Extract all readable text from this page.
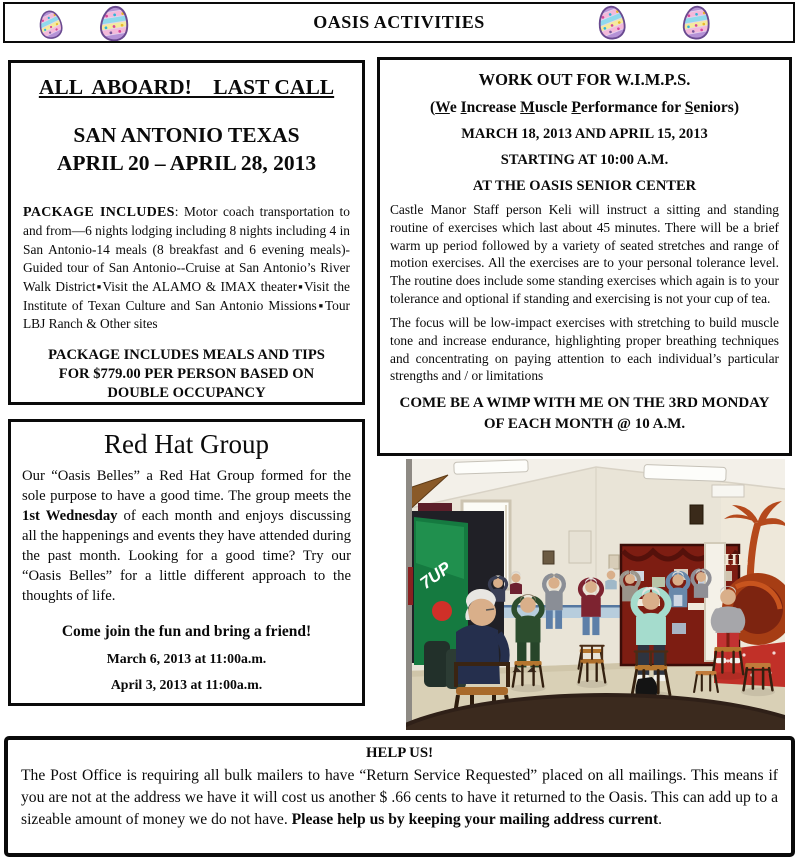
OASIS ACTIVITIES
ALL  ABOARD!    LAST CALL
SAN ANTONIO TEXAS
APRIL 20 – APRIL 28, 2013
PACKAGE INCLUDES: Motor coach transportation to and from—6 nights lodging including 8 nights including 4 in San Antonio-14 meals (8 breakfast and 6 evening meals)-Guided tour of San Antonio--Cruise at San Antonio’s River Walk District▪Visit the ALAMO & IMAX theater▪Visit the Institute of Texan Culture and San Antonio Missions▪Tour LBJ Ranch & Other sites
PACKAGE INCLUDES MEALS AND TIPS FOR $779.00 PER PERSON BASED ON DOUBLE OCCUPANCY
WORK OUT FOR W.I.M.P.S.
(We Increase Muscle Performance for Seniors)
MARCH 18, 2013 AND APRIL 15, 2013
STARTING AT 10:00 A.M.
AT THE OASIS SENIOR CENTER
Castle Manor Staff person Keli will instruct a sitting and standing routine of exercises which last about 45 minutes. There will be a brief warm up period followed by a variety of seated stretches and range of motion exercises. All the exercises are to your personal tolerance level. The routine does include some standing exercises which again is to your tolerance and optional if standing and exercising is not your cup of tea.
The focus will be low-impact exercises with stretching to build muscle tone and increase endurance, highlighting proper breathing techniques and concentrating on paying attention to each individual’s particular strengths and / or limitations
COME BE A WIMP WITH ME ON THE 3RD MONDAY OF EACH MONTH @ 10 A.M.
Red Hat Group
Our “Oasis Belles” a Red Hat Group formed for the sole purpose to have a good time. The group meets the 1st Wednesday of each month and enjoys discussing all the happenings and events they have attended during the past month. Looking for a good time? Try our “Oasis Belles” for a little different approach to the thoughts of life.
Come join the fun and bring a friend!
March 6, 2013 at 11:00a.m.
April 3, 2013 at 11:00a.m.
7UP	HE
HELP US!
The Post Office is requiring all bulk mailers to have “Return Service Requested” placed on all mailings. This means if you are not at the address we have it will cost us another $ .66 cents to have it returned to the Oasis. This can add up to a sizeable amount of money we do not have. Please help us by keeping your mailing address current.
